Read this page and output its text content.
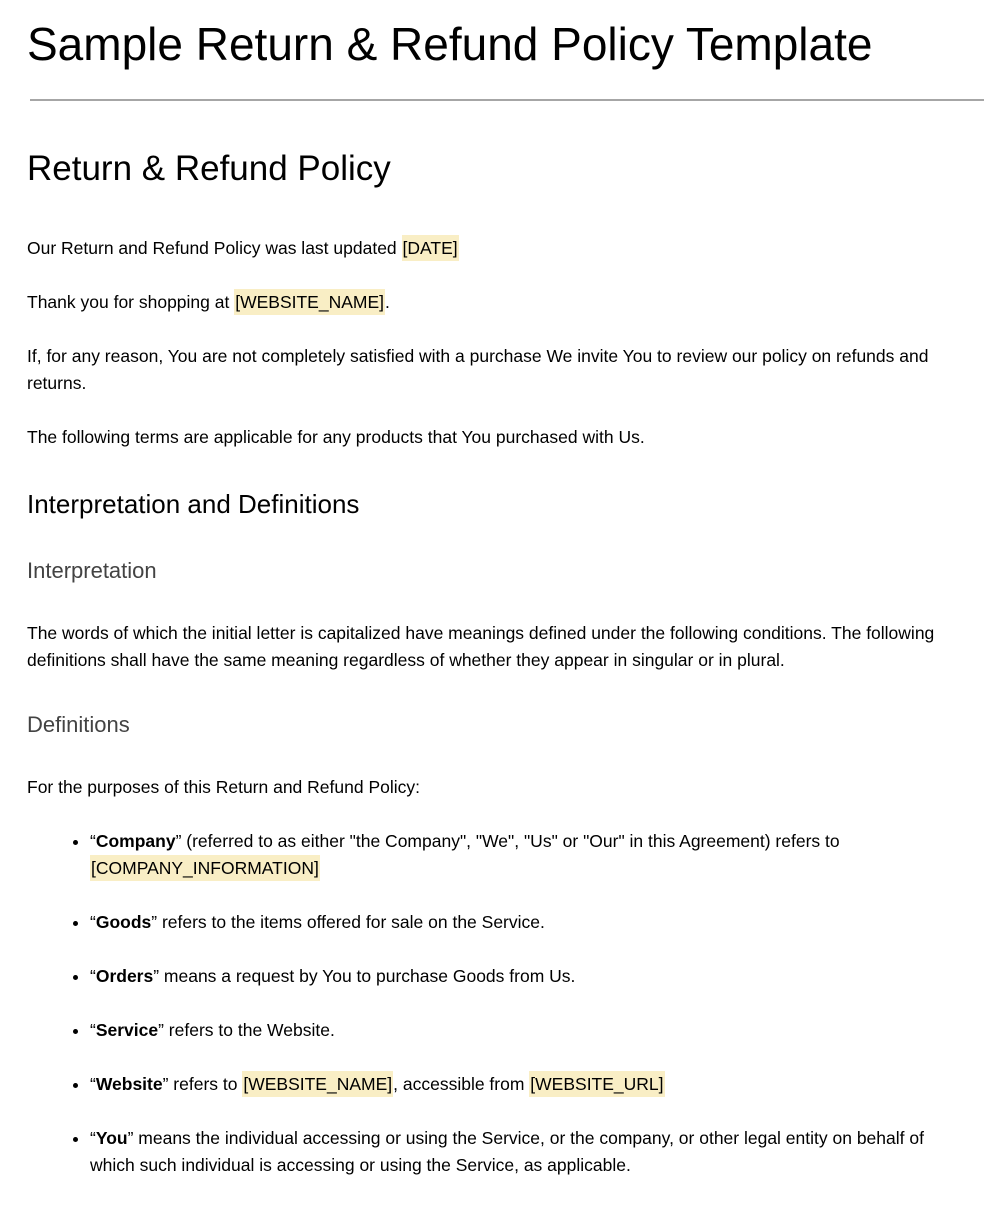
Sample Return & Refund Policy Template
Return & Refund Policy

Our Return and Refund Policy was last updated [DATE]

Thank you for shopping at [WEBSITE_NAME].

If, for any reason, You are not completely satisfied with a purchase We invite You to review our policy on refunds and returns.

The following terms are applicable for any products that You purchased with Us.

Interpretation and Definitions
Interpretation

The words of which the initial letter is capitalized have meanings defined under the following conditions. The following definitions shall have the same meaning regardless of whether they appear in singular or in plural.

Definitions

For the purposes of this Return and Refund Policy:

• “Company” (referred to as either "the Company", "We", "Us" or "Our" in this Agreement) refers to [COMPANY_INFORMATION]
• “Goods” refers to the items offered for sale on the Service.
• “Orders” means a request by You to purchase Goods from Us.
• “Service” refers to the Website.
• “Website” refers to [WEBSITE_NAME], accessible from [WEBSITE_URL]
• “You” means the individual accessing or using the Service, or the company, or other legal entity on behalf of which such individual is accessing or using the Service, as applicable.
